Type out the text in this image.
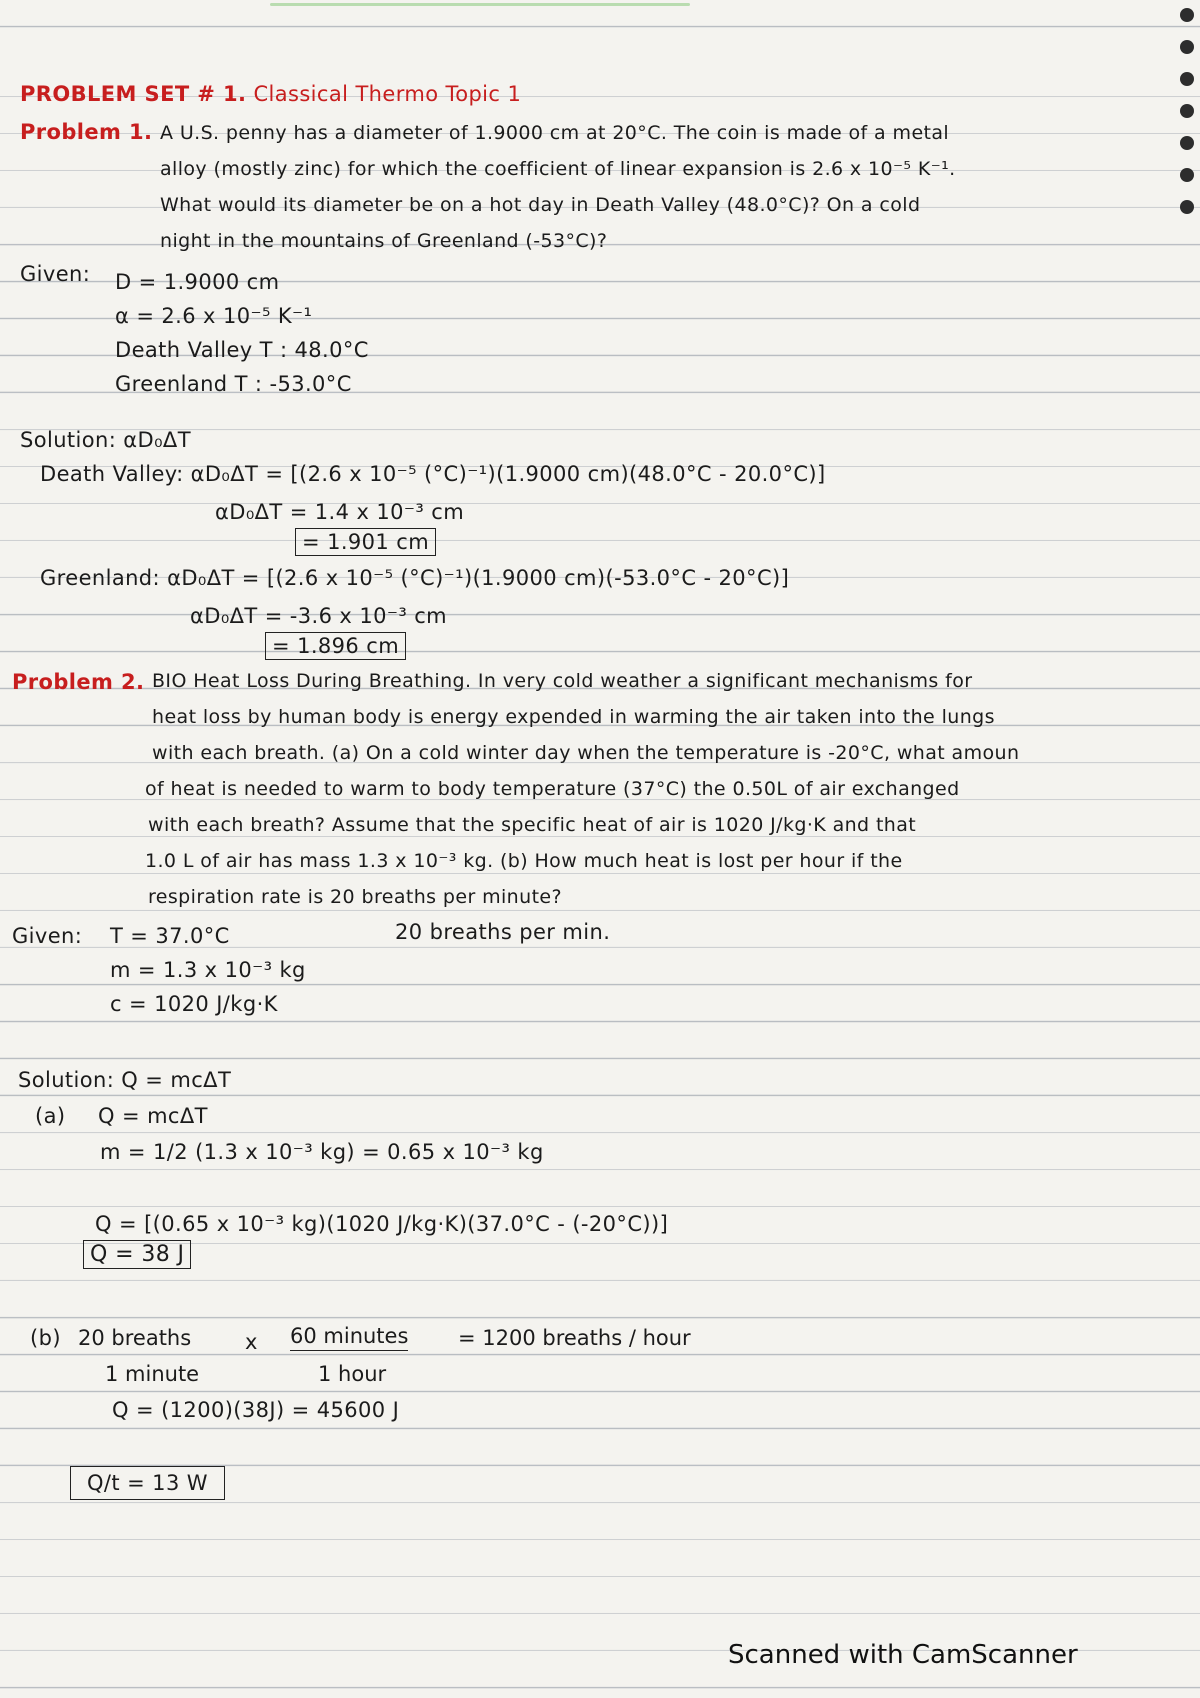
PROBLEM SET # 1. Classical Thermo Topic 1
Problem 1. A U.S. penny has a diameter of 1.9000 cm at 20°C. The coin is made of a metal
alloy (mostly zinc) for which the coefficient of linear expansion is 2.6 x 10⁻⁵ K⁻¹.
What would its diameter be on a hot day in Death Valley (48.0°C)? On a cold
night in the mountains of Greenland (-53°C)?
Given: D = 1.9000 cm
α = 2.6 x 10⁻⁵ K⁻¹
Death Valley T : 48.0°C
Greenland T : -53.0°C
Solution: αD₀ΔT
Death Valley: αD₀ΔT = [(2.6 x 10⁻⁵ (°C)⁻¹)(1.9000 cm)(48.0°C - 20.0°C)]
αD₀ΔT = 1.4 x 10⁻³ cm
= 1.901 cm
Greenland: αD₀ΔT = [(2.6 x 10⁻⁵ (°C)⁻¹)(1.9000 cm)(-53.0°C - 20°C)]
αD₀ΔT = -3.6 x 10⁻³ cm
= 1.896 cm
Problem 2. BIO Heat Loss During Breathing. In very cold weather a significant mechanisms for
heat loss by human body is energy expended in warming the air taken into the lungs
with each breath. (a) On a cold winter day when the temperature is -20°C, what amoun
of heat is needed to warm to body temperature (37°C) the 0.50L of air exchanged
with each breath? Assume that the specific heat of air is 1020 J/kg·K and that
1.0 L of air has mass 1.3 x 10⁻³ kg. (b) How much heat is lost per hour if the
respiration rate is 20 breaths per minute?
Given: T = 37.0°C	20 breaths per min.
m = 1.3 x 10⁻³ kg
c = 1020 J/kg·K
Solution: Q = mcΔT
(a) Q = mcΔT
m = 1/2 (1.3 x 10⁻³ kg) = 0.65 x 10⁻³ kg
Q = [(0.65 x 10⁻³ kg)(1020 J/kg·K)(37.0°C - (-20°C))]
Q = 38 J
(b) 20 breaths	x 60 minutes = 1200 breaths / hour
1 minute	1 hour
Q = (1200)(38J) = 45600 J
Q/t = 13 W
Scanned with CamScanner
